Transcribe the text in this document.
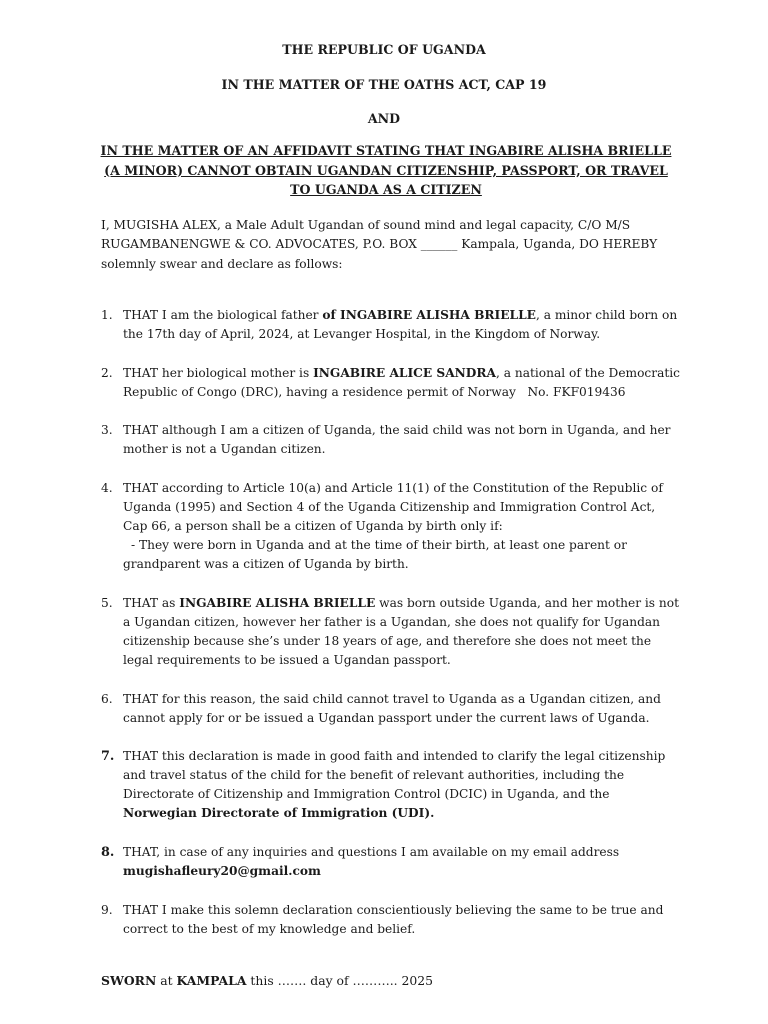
THE REPUBLIC OF UGANDA

IN THE MATTER OF THE OATHS ACT, CAP 19

AND

IN THE MATTER OF AN AFFIDAVIT STATING THAT INGABIRE ALISHA BRIELLE (A MINOR) CANNOT OBTAIN UGANDAN CITIZENSHIP, PASSPORT, OR TRAVEL TO UGANDA AS A CITIZEN

I, MUGISHA ALEX, a Male Adult Ugandan of sound mind and legal capacity, C/O M/S RUGAMBANENGWE & CO. ADVOCATES, P.O. BOX ______ Kampala, Uganda, DO HEREBY solemnly swear and declare as follows:

1. THAT I am the biological father of INGABIRE ALISHA BRIELLE, a minor child born on the 17th day of April, 2024, at Levanger Hospital, in the Kingdom of Norway.
2. THAT her biological mother is INGABIRE ALICE SANDRA, a national of the Democratic Republic of Congo (DRC), having a residence permit of Norway   No. FKF019436
3. THAT although I am a citizen of Uganda, the said child was not born in Uganda, and her mother is not a Ugandan citizen.
4. THAT according to Article 10(a) and Article 11(1) of the Constitution of the Republic of Uganda (1995) and Section 4 of the Uganda Citizenship and Immigration Control Act, Cap 66, a person shall be a citizen of Uganda by birth only if:
- They were born in Uganda and at the time of their birth, at least one parent or grandparent was a citizen of Uganda by birth.
5. THAT as INGABIRE ALISHA BRIELLE was born outside Uganda, and her mother is not a Ugandan citizen, however her father is a Ugandan, she does not qualify for Ugandan citizenship because she’s under 18 years of age, and therefore she does not meet the legal requirements to be issued a Ugandan passport.
6. THAT for this reason, the said child cannot travel to Uganda as a Ugandan citizen, and cannot apply for or be issued a Ugandan passport under the current laws of Uganda.
7. THAT this declaration is made in good faith and intended to clarify the legal citizenship and travel status of the child for the benefit of relevant authorities, including the Directorate of Citizenship and Immigration Control (DCIC) in Uganda, and the Norwegian Directorate of Immigration (UDI).
8. THAT, in case of any inquiries and questions I am available on my email address mugishafleury20@gmail.com
9. THAT I make this solemn declaration conscientiously believing the same to be true and correct to the best of my knowledge and belief.

SWORN at KAMPALA this ……. day of ……….. 2025
